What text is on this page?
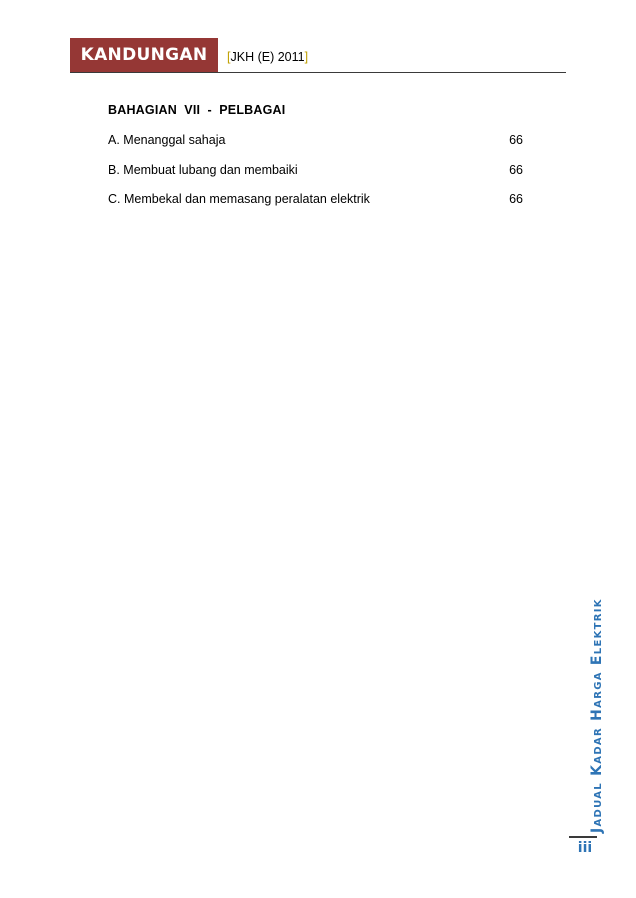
KANDUNGAN [JKH (E) 2011]
BAHAGIAN  VII  -  PELBAGAI
A. Menanggal sahaja	66
B. Membuat lubang dan membaiki	66
C. Membekal dan memasang peralatan elektrik	66
Jadual Kadar Harga Elektrik
iii
